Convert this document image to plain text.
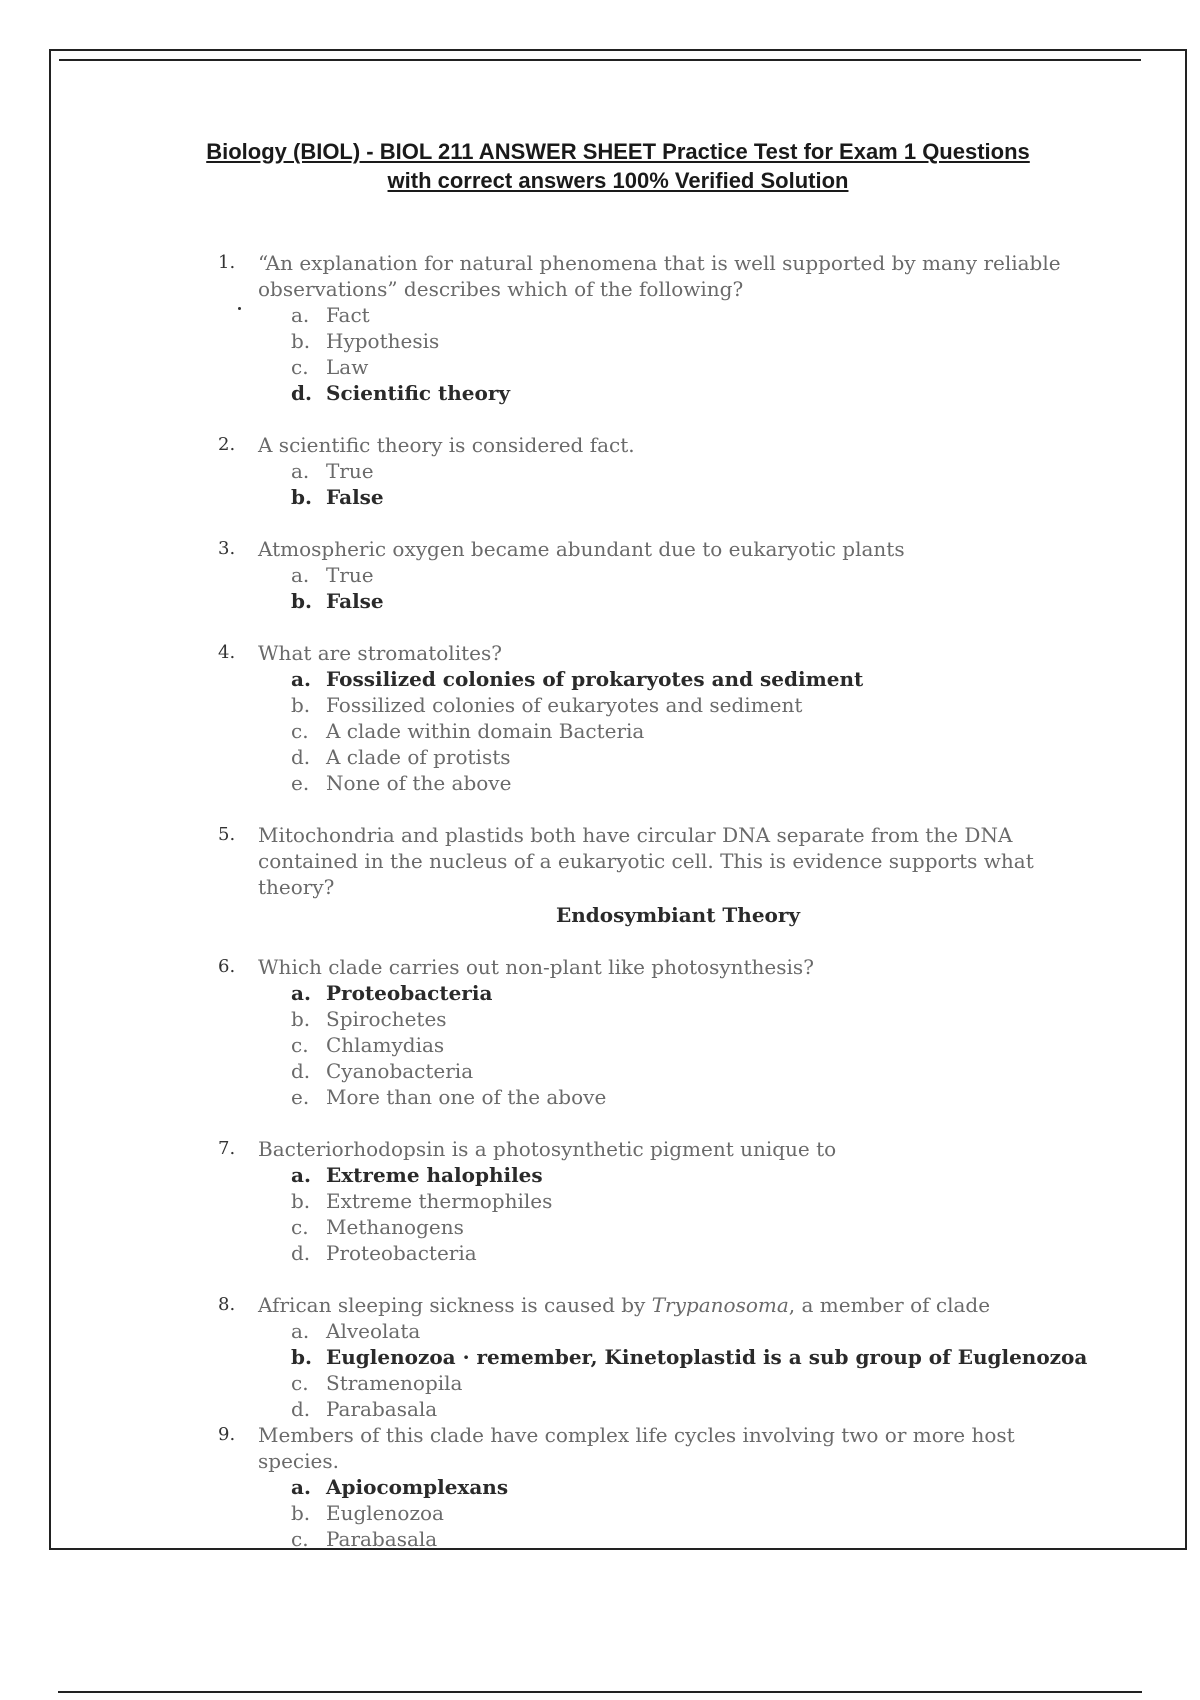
Biology (BIOL) - BIOL 211 ANSWER SHEET Practice Test for Exam 1 Questions
with correct answers 100% Verified Solution
1.	“An explanation for natural phenomena that is well supported by many reliable observations” describes which of the following?
a. Fact
b. Hypothesis
c. Law
d. Scientific theory
2.	A scientific theory is considered fact.
a. True
b. False
3.	Atmospheric oxygen became abundant due to eukaryotic plants
a. True
b. False
4.	What are stromatolites?
a. Fossilized colonies of prokaryotes and sediment
b. Fossilized colonies of eukaryotes and sediment
c. A clade within domain Bacteria
d. A clade of protists
e. None of the above
5.	Mitochondria and plastids both have circular DNA separate from the DNA contained in the nucleus of a eukaryotic cell. This is evidence supports what theory?
Endosymbiant Theory
6.	Which clade carries out non-plant like photosynthesis?
a. Proteobacteria
b. Spirochetes
c. Chlamydias
d. Cyanobacteria
e. More than one of the above
7.	Bacteriorhodopsin is a photosynthetic pigment unique to
a. Extreme halophiles
b. Extreme thermophiles
c. Methanogens
d. Proteobacteria
8.	African sleeping sickness is caused by Trypanosoma, a member of clade
a. Alveolata
b. Euglenozoa · remember, Kinetoplastid is a sub group of Euglenozoa
c. Stramenopila
d. Parabasala
9.	Members of this clade have complex life cycles involving two or more host species.
a. Apiocomplexans
b. Euglenozoa
c. Parabasala
